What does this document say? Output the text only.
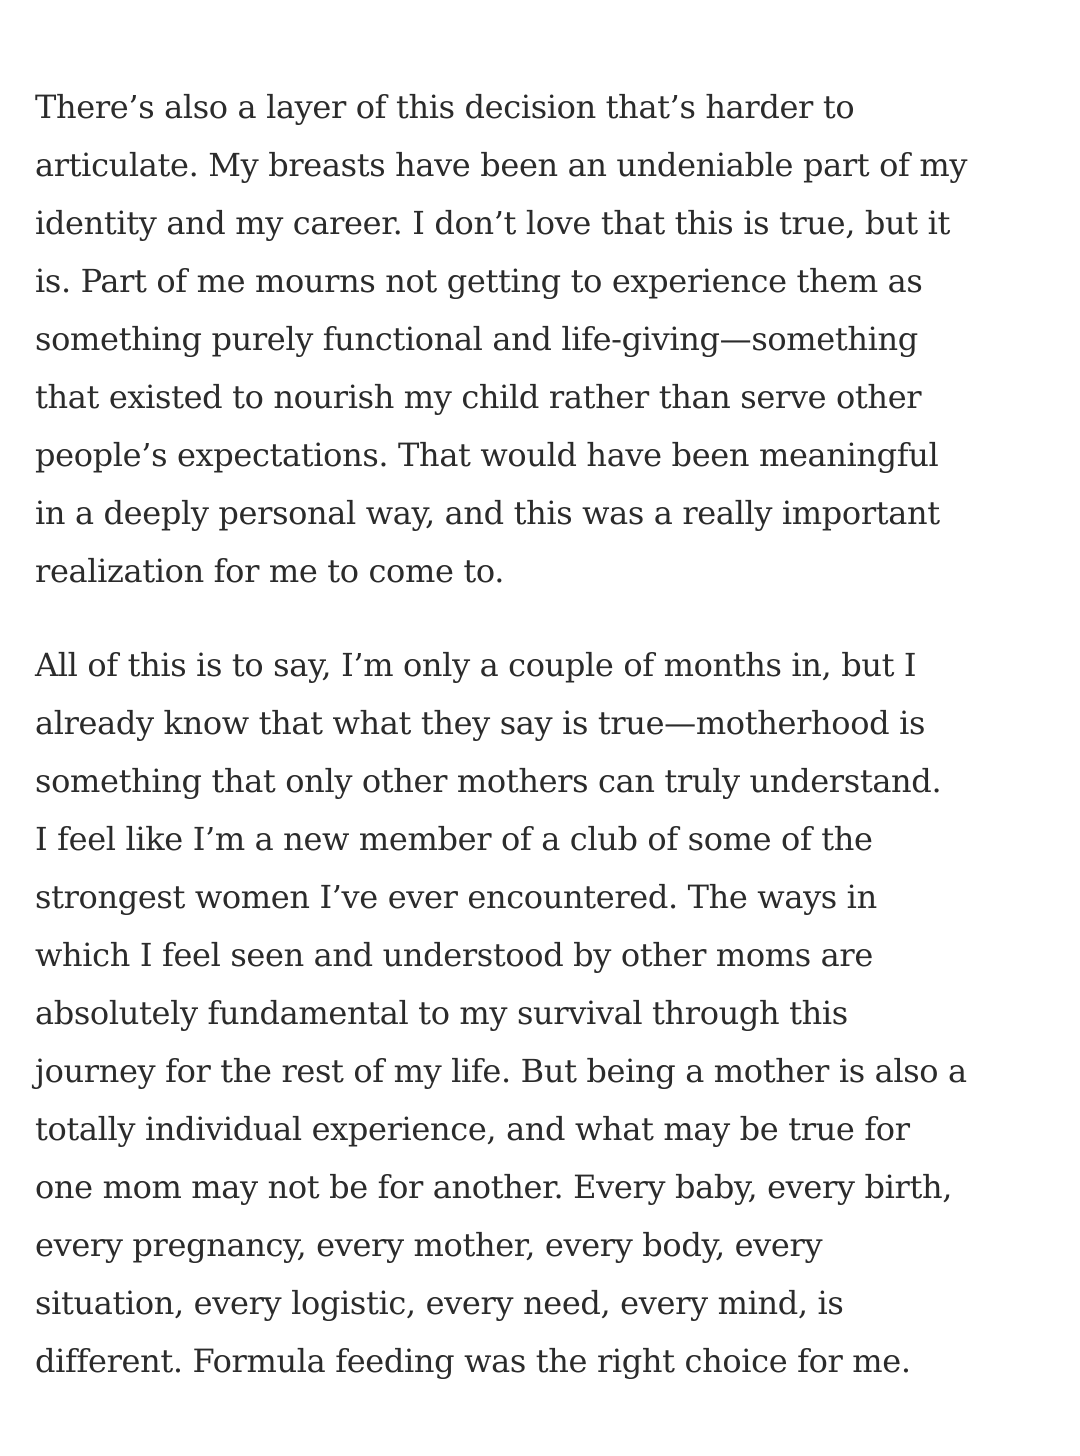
There’s also a layer of this decision that’s harder to
articulate. My breasts have been an undeniable part of my
identity and my career. I don’t love that this is true, but it
is. Part of me mourns not getting to experience them as
something purely functional and life-giving—something
that existed to nourish my child rather than serve other
people’s expectations. That would have been meaningful
in a deeply personal way, and this was a really important
realization for me to come to.

All of this is to say, I’m only a couple of months in, but I
already know that what they say is true—motherhood is
something that only other mothers can truly understand.
I feel like I’m a new member of a club of some of the
strongest women I’ve ever encountered. The ways in
which I feel seen and understood by other moms are
absolutely fundamental to my survival through this
journey for the rest of my life. But being a mother is also a
totally individual experience, and what may be true for
one mom may not be for another. Every baby, every birth,
every pregnancy, every mother, every body, every
situation, every logistic, every need, every mind, is
different. Formula feeding was the right choice for me.
